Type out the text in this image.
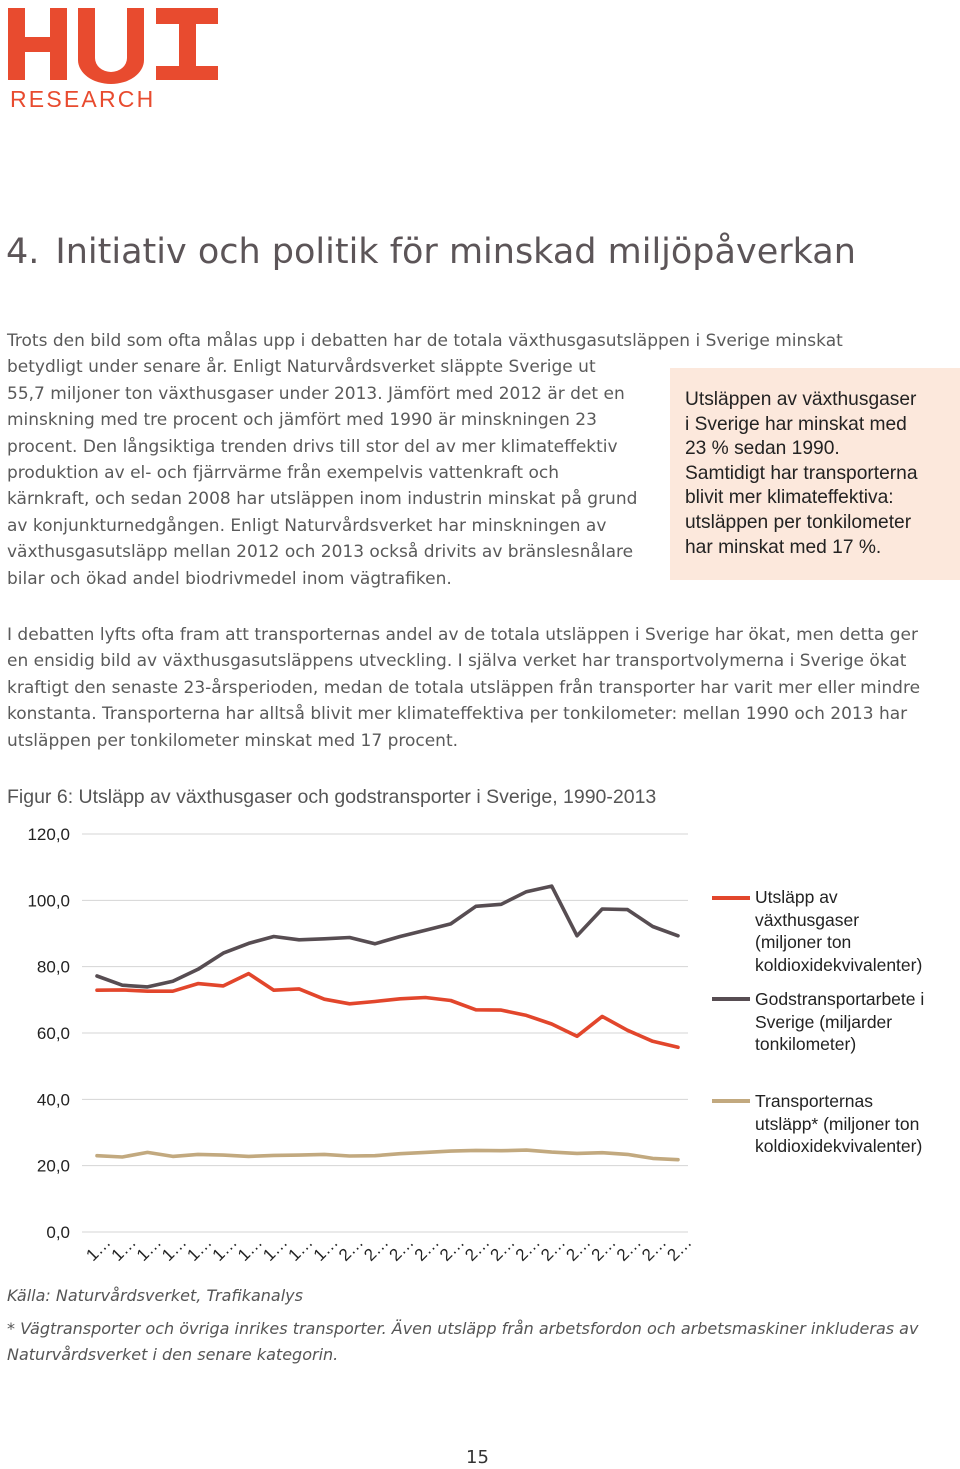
RESEARCH
4. Initiativ och politik för minskad miljöpåverkan

Trots den bild som ofta målas upp i debatten har de totala växthusgasutsläppen i Sverige minskat
betydligt under senare år. Enligt Naturvårdsverket släppte Sverige ut
55,7 miljoner ton växthusgaser under 2013. Jämfört med 2012 är det en
minskning med tre procent och jämfört med 1990 är minskningen 23
procent. Den långsiktiga trenden drivs till stor del av mer klimateffektiv
produktion av el- och fjärrvärme från exempelvis vattenkraft och
kärnkraft, och sedan 2008 har utsläppen inom industrin minskat på grund
av konjunkturnedgången. Enligt Naturvårdsverket har minskningen av
växthusgasutsläpp mellan 2012 och 2013 också drivits av bränslesnålare
bilar och ökad andel biodrivmedel inom vägtrafiken.

Utsläppen av växthusgaser
i Sverige har minskat med
23 % sedan 1990.
Samtidigt har transporterna
blivit mer klimateffektiva:
utsläppen per tonkilometer
har minskat med 17 %.

I debatten lyfts ofta fram att transporternas andel av de totala utsläppen i Sverige har ökat, men detta ger
en ensidig bild av växthusgasutsläppens utveckling. I själva verket har transportvolymerna i Sverige ökat
kraftigt den senaste 23-årsperioden, medan de totala utsläppen från transporter har varit mer eller mindre
konstanta. Transporterna har alltså blivit mer klimateffektiva per tonkilometer: mellan 1990 och 2013 har
utsläppen per tonkilometer minskat med 17 procent.

Figur 6: Utsläpp av växthusgaser och godstransporter i Sverige, 1990-2013
0,0
20,0
40,0
60,0
80,0
100,0
120,0
1…
1…
1…
1…
1…
1…
1…
1…
1…
1…
2…
2…
2…
2…
2…
2…
2…
2…
2…
2…
2…
2…
2…
2…
Utsläpp av
växthusgaser
(miljoner ton
koldioxidekvivalenter)
Godstransportarbete i
Sverige (miljarder
tonkilometer)
Transporternas
utsläpp* (miljoner ton
koldioxidekvivalenter)
Källa: Naturvårdsverket, Trafikanalys
* Vägtransporter och övriga inrikes transporter. Även utsläpp från arbetsfordon och arbetsmaskiner inkluderas av
Naturvårdsverket i den senare kategorin.
15
